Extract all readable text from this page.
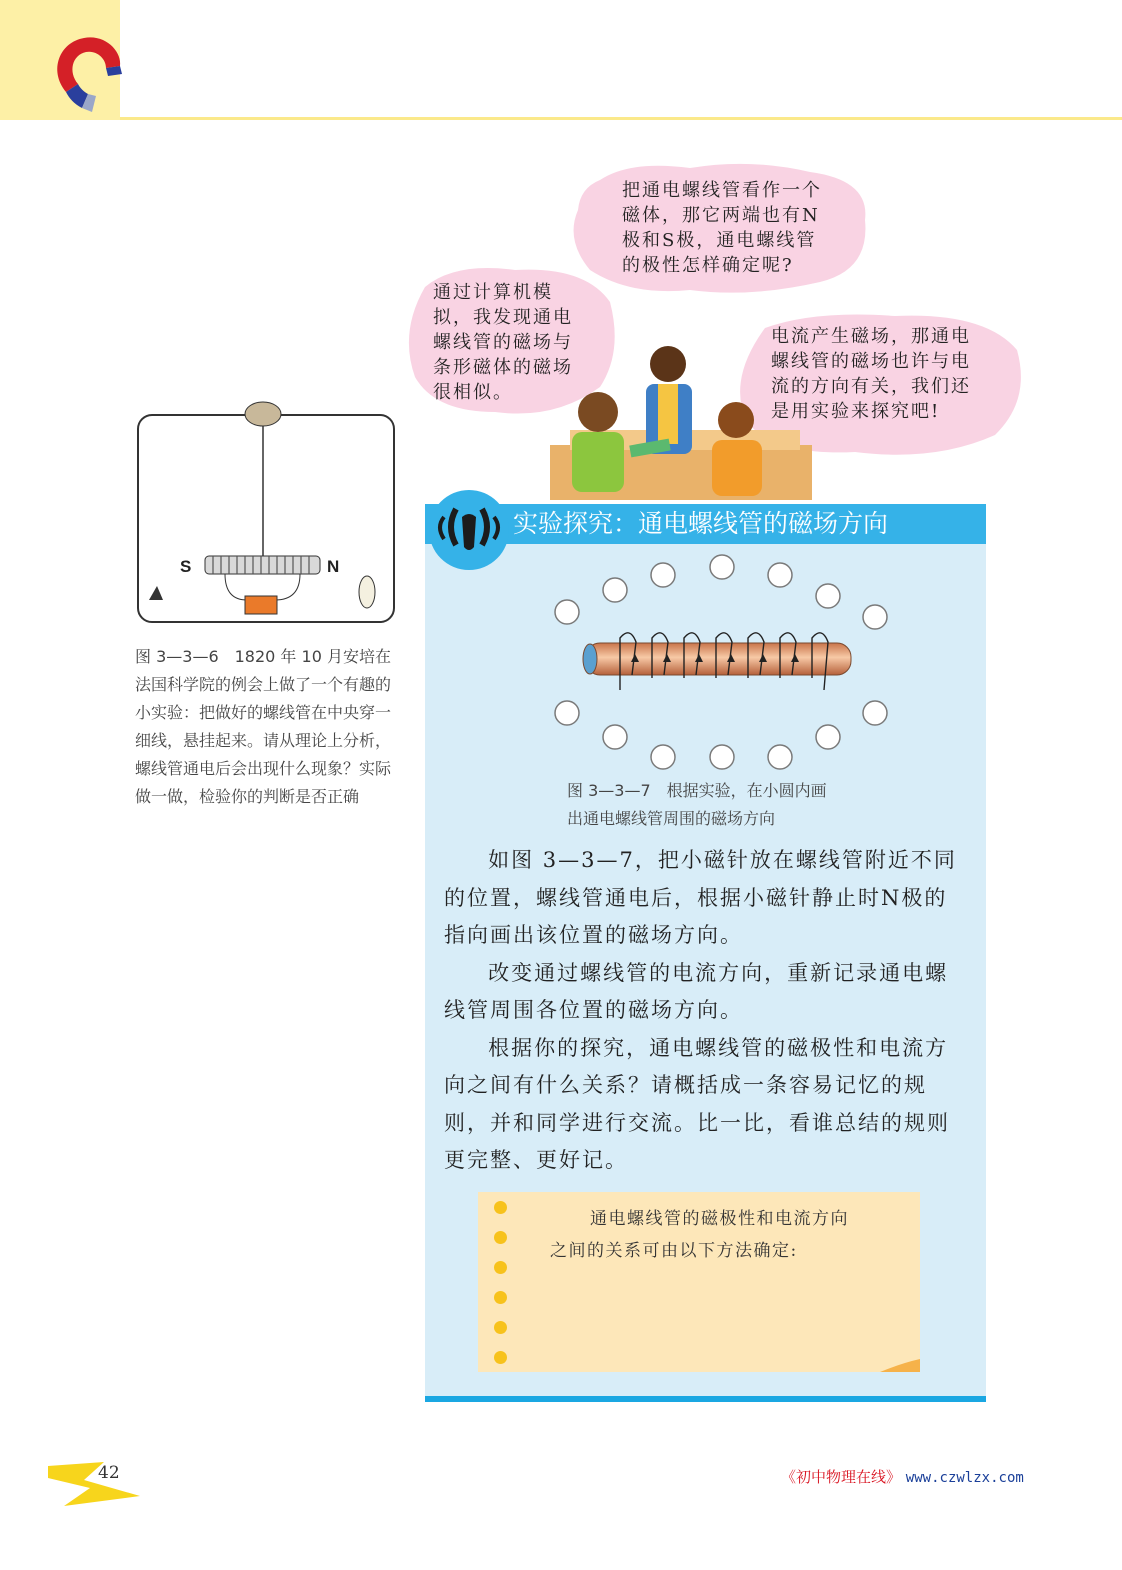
把通电螺线管看作一个
磁体，那它两端也有N
极和S极，通电螺线管
的极性怎样确定呢?
通过计算机模
拟，我发现通电
螺线管的磁场与
条形磁体的磁场
很相似。
电流产生磁场，那通电
螺线管的磁场也许与电
流的方向有关，我们还
是用实验来探究吧!
S	N
图 3—3—6　1820 年 10 月安培在法国科学院的例会上做了一个有趣的小实验：把做好的螺线管在中央穿一细线，悬挂起来。请从理论上分析，螺线管通电后会出现什么现象？实际做一做，检验你的判断是否正确
实验探究：通电螺线管的磁场方向
图 3—3—7　根据实验，在小圆内画
出通电螺线管周围的磁场方向

如图 3—3—7，把小磁针放在螺线管附近不同的位置，螺线管通电后，根据小磁针静止时N极的指向画出该位置的磁场方向。

改变通过螺线管的电流方向，重新记录通电螺线管周围各位置的磁场方向。

根据你的探究，通电螺线管的磁极性和电流方向之间有什么关系？请概括成一条容易记忆的规则，并和同学进行交流。比一比，看谁总结的规则更完整、更好记。

通电螺线管的磁极性和电流方向
之间的关系可由以下方法确定:
42	《初中物理在线》 www.czwlzx.com
